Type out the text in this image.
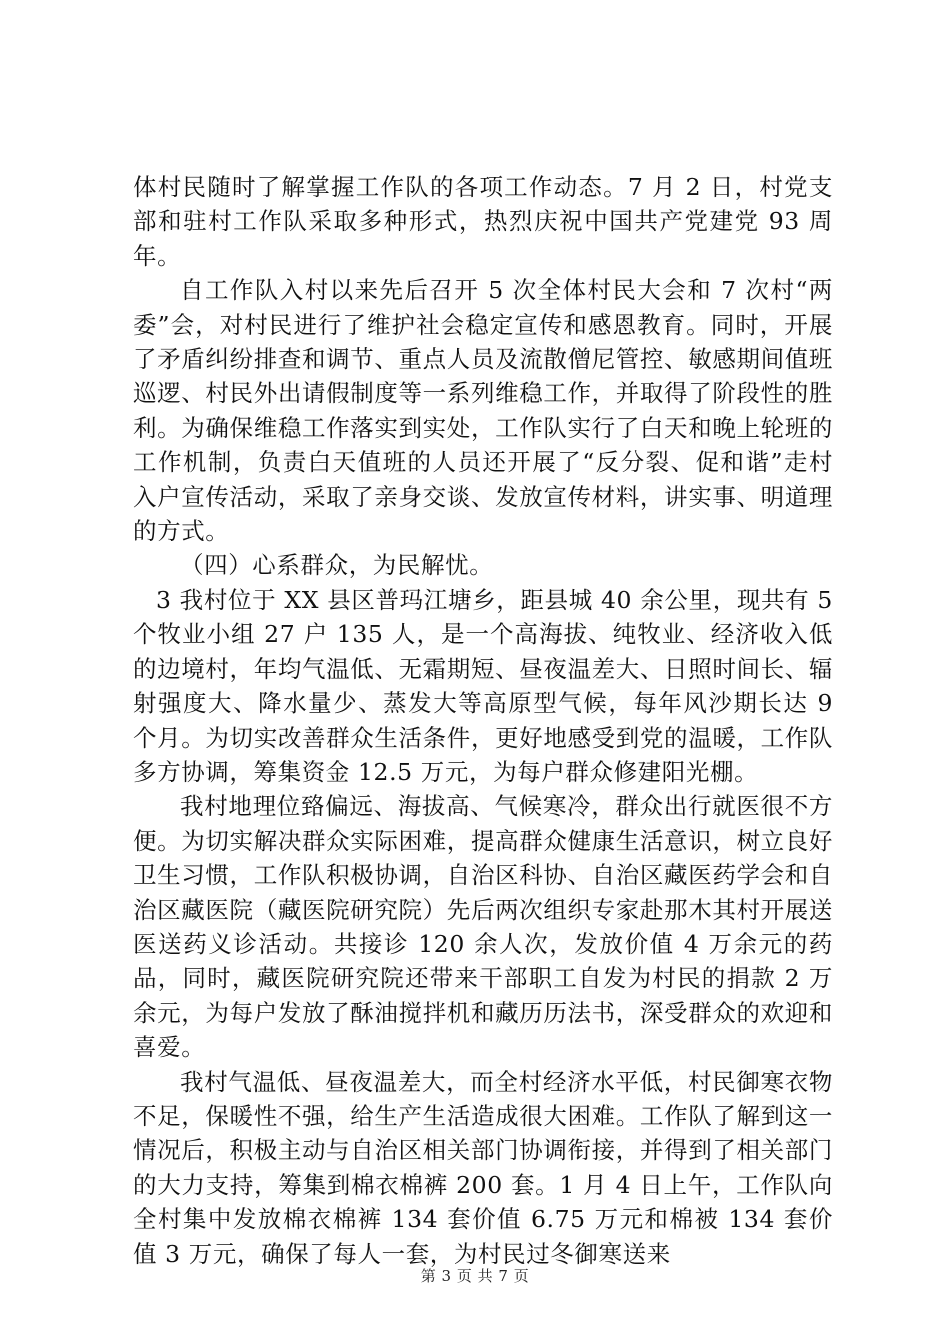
体村民随时了解掌握工作队的各项工作动态。7 月 2 日，村党支部和驻村工作队采取多种形式，热烈庆祝中国共产党建党 93 周年。

自工作队入村以来先后召开 5 次全体村民大会和 7 次村“两委”会，对村民进行了维护社会稳定宣传和感恩教育。同时，开展了矛盾纠纷排查和调节、重点人员及流散僧尼管控、敏感期间值班巡逻、村民外出请假制度等一系列维稳工作，并取得了阶段性的胜利。为确保维稳工作落实到实处，工作队实行了白天和晚上轮班的工作机制，负责白天值班的人员还开展了“反分裂、促和谐”走村入户宣传活动，采取了亲身交谈、发放宣传材料，讲实事、明道理的方式。

（四）心系群众，为民解忧。

3 我村位于 XX 县区普玛江塘乡，距县城 40 余公里，现共有 5 个牧业小组 27 户 135 人，是一个高海拔、纯牧业、经济收入低的边境村，年均气温低、无霜期短、昼夜温差大、日照时间长、辐射强度大、降水量少、蒸发大等高原型气候，每年风沙期长达 9 个月。为切实改善群众生活条件，更好地感受到党的温暖，工作队多方协调，筹集资金 12.5 万元，为每户群众修建阳光棚。

我村地理位臵偏远、海拔高、气候寒冷，群众出行就医很不方便。为切实解决群众实际困难，提高群众健康生活意识，树立良好卫生习惯，工作队积极协调，自治区科协、自治区藏医药学会和自治区藏医院（藏医院研究院）先后两次组织专家赴那木其村开展送医送药义诊活动。共接诊 120 余人次，发放价值 4 万余元的药品，同时，藏医院研究院还带来干部职工自发为村民的捐款 2 万余元，为每户发放了酥油搅拌机和藏历历法书，深受群众的欢迎和喜爱。

我村气温低、昼夜温差大，而全村经济水平低，村民御寒衣物不足，保暖性不强，给生产生活造成很大困难。工作队了解到这一情况后，积极主动与自治区相关部门协调衔接，并得到了相关部门的大力支持，筹集到棉衣棉裤 200 套。1 月 4 日上午，工作队向全村集中发放棉衣棉裤 134 套价值 6.75 万元和棉被 134 套价值 3 万元，确保了每人一套，为村民过冬御寒送来

第 3 页 共 7 页
